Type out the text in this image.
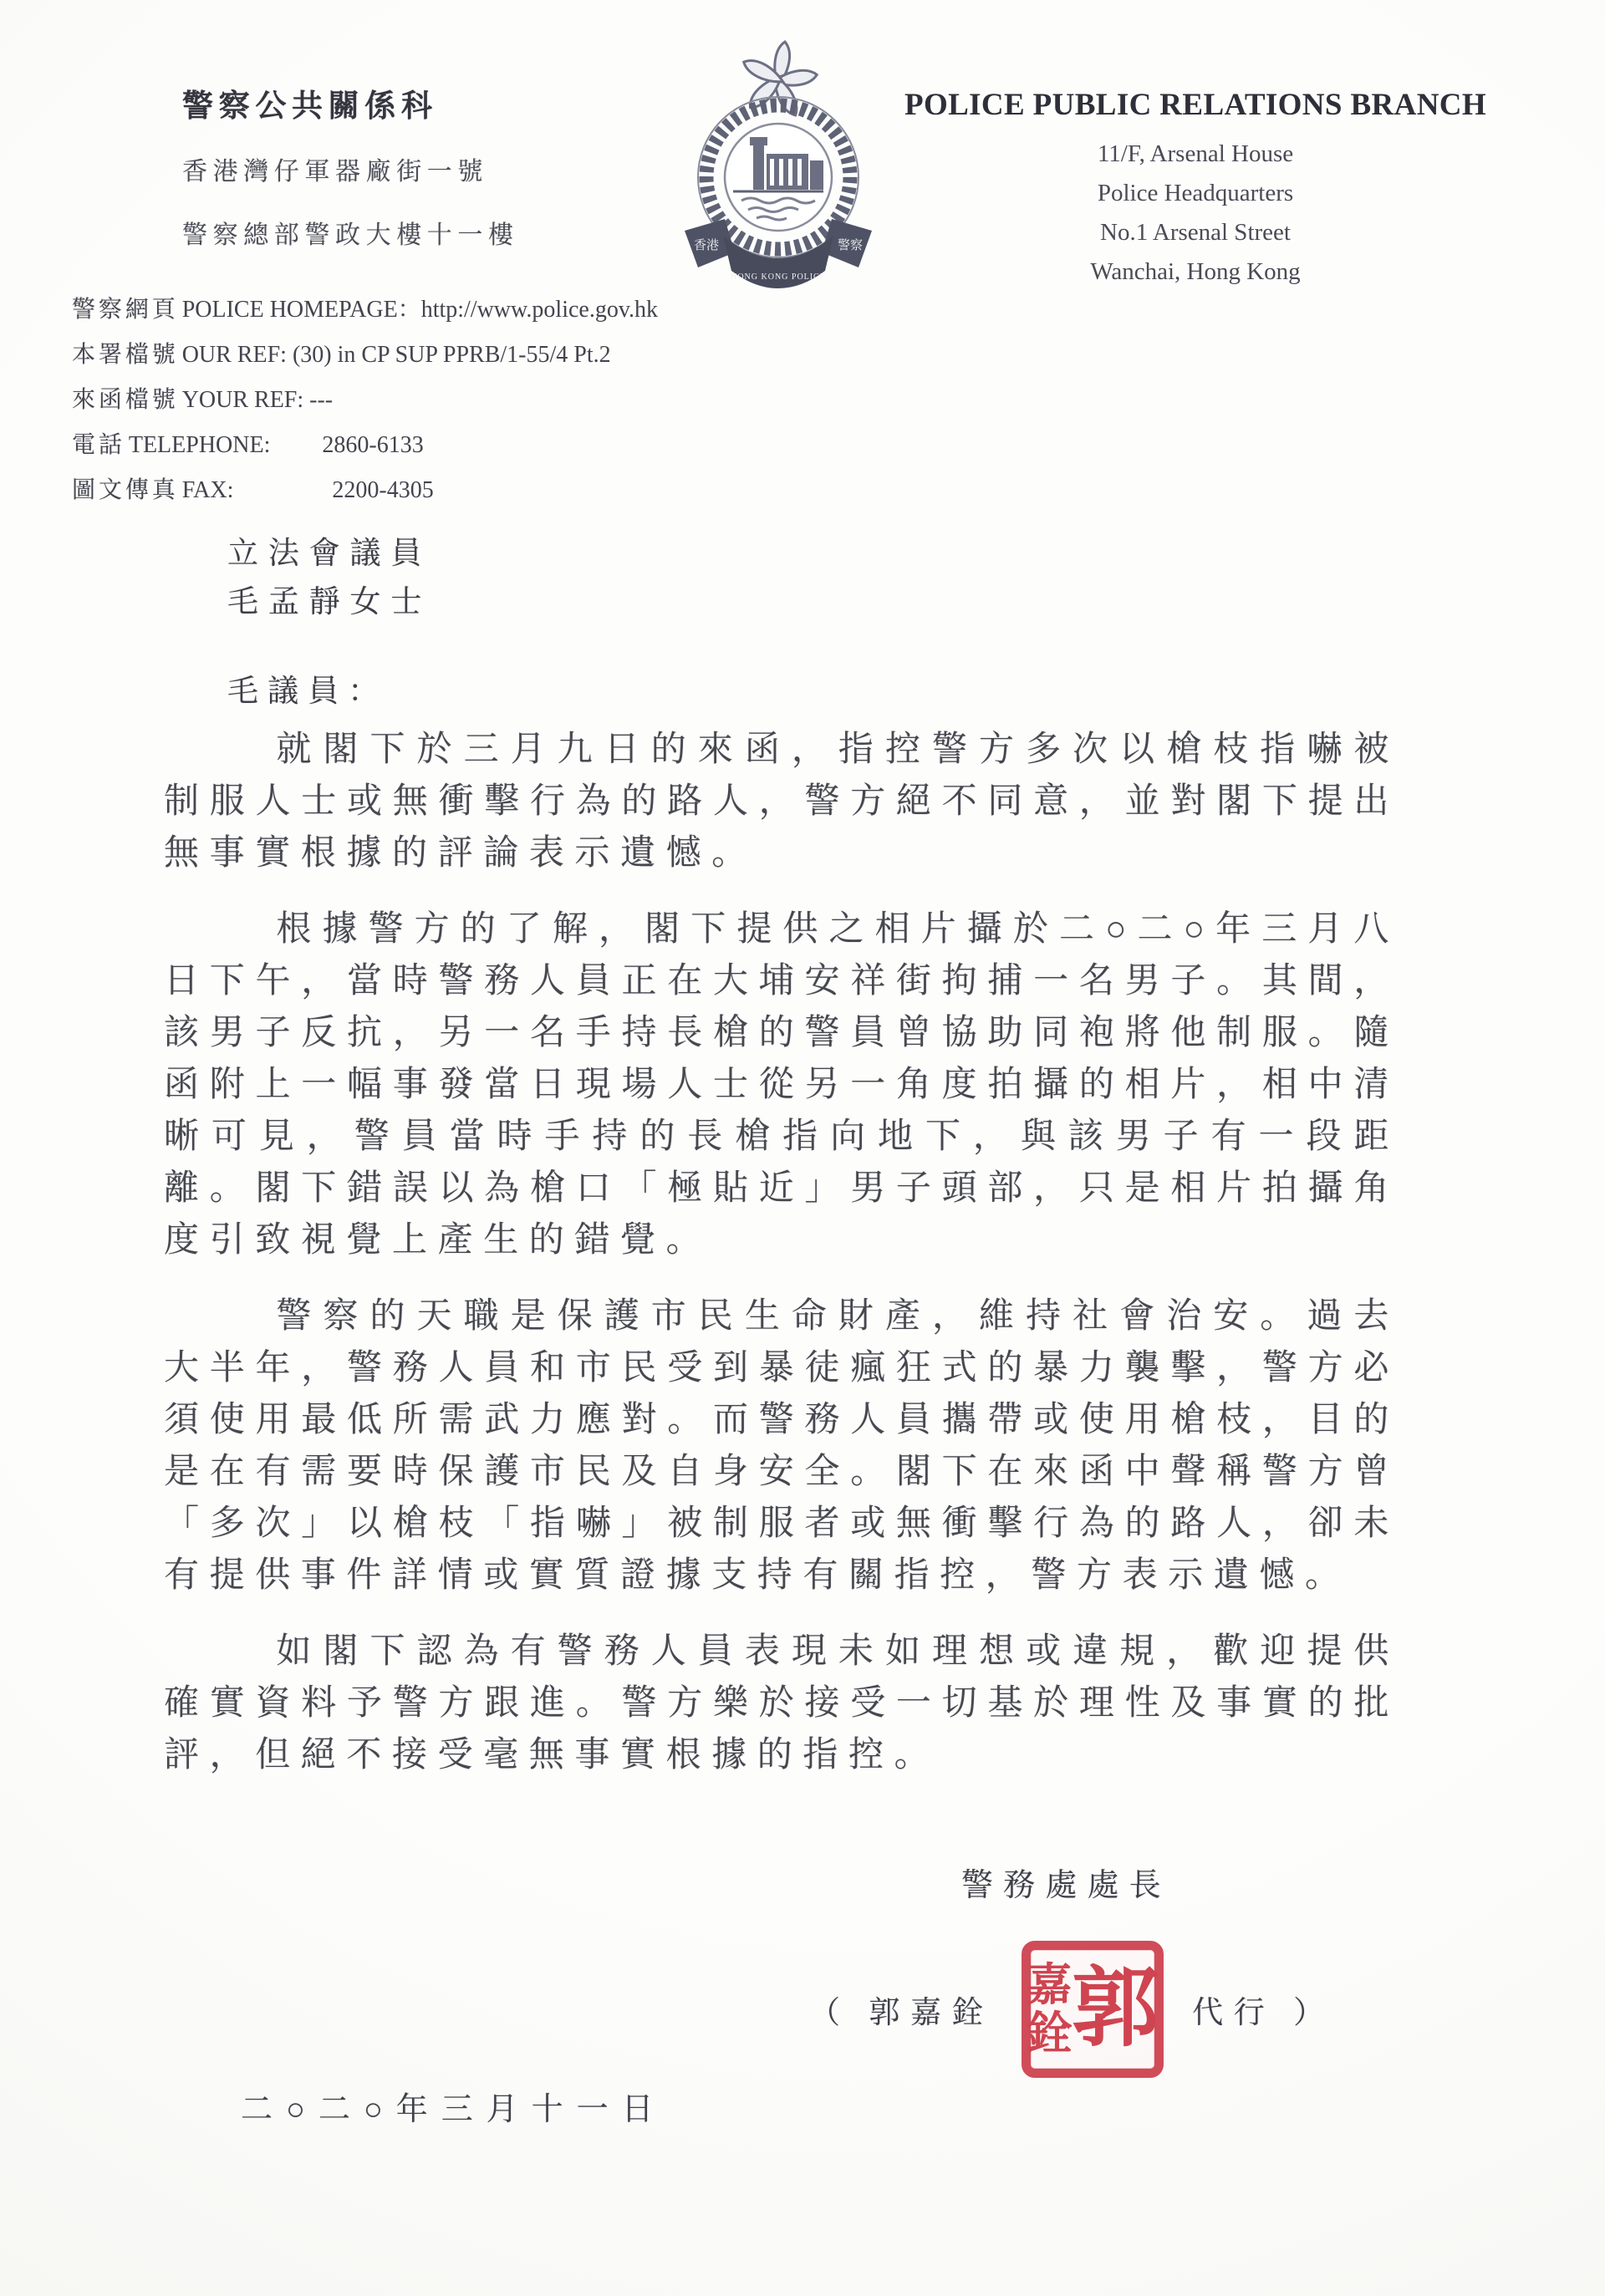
警察公共關係科
香港灣仔軍器廠街一號
警察總部警政大樓十一樓	香港
HONG KONG POLICE
警察
POLICE PUBLIC RELATIONS BRANCH
11/F, Arsenal House
Police Headquarters
No.1 Arsenal Street
Wanchai, Hong Kong
警察網頁 POLICE HOMEPAGE：http://www.police.gov.hk
本署檔號 OUR REF: (30) in CP SUP PPRB/1-55/4 Pt.2
來函檔號 YOUR REF: ---
電話 TELEPHONE: 2860-6133
圖文傳真 FAX:	2200-4305
立法會議員
毛孟靜女士
毛議員：

就閣下於三月九日的來函，指控警方多次以槍枝指嚇被制服人士或無衝擊行為的路人，警方絕不同意，並對閣下提出無事實根據的評論表示遺憾。

根據警方的了解，閣下提供之相片攝於二○二○年三月八日下午，當時警務人員正在大埔安祥街拘捕一名男子。其間，該男子反抗，另一名手持長槍的警員曾協助同袍將他制服。隨函附上一幅事發當日現場人士從另一角度拍攝的相片，相中清晰可見，警員當時手持的長槍指向地下，與該男子有一段距離。閣下錯誤以為槍口「極貼近」男子頭部，只是相片拍攝角度引致視覺上產生的錯覺。

警察的天職是保護市民生命財產，維持社會治安。過去大半年，警務人員和市民受到暴徒瘋狂式的暴力襲擊，警方必須使用最低所需武力應對。而警務人員攜帶或使用槍枝，目的是在有需要時保護市民及自身安全。閣下在來函中聲稱警方曾「多次」以槍枝「指嚇」被制服者或無衝擊行為的路人，卻未有提供事件詳情或實質證據支持有關指控，警方表示遺憾。

如閣下認為有警務人員表現未如理想或違規，歡迎提供確實資料予警方跟進。警方樂於接受一切基於理性及事實的批評，但絕不接受毫無事實根據的指控。

警務處處長
（ 郭嘉銓 郭
嘉
銓	代行 ）
二○二○年三月十一日
